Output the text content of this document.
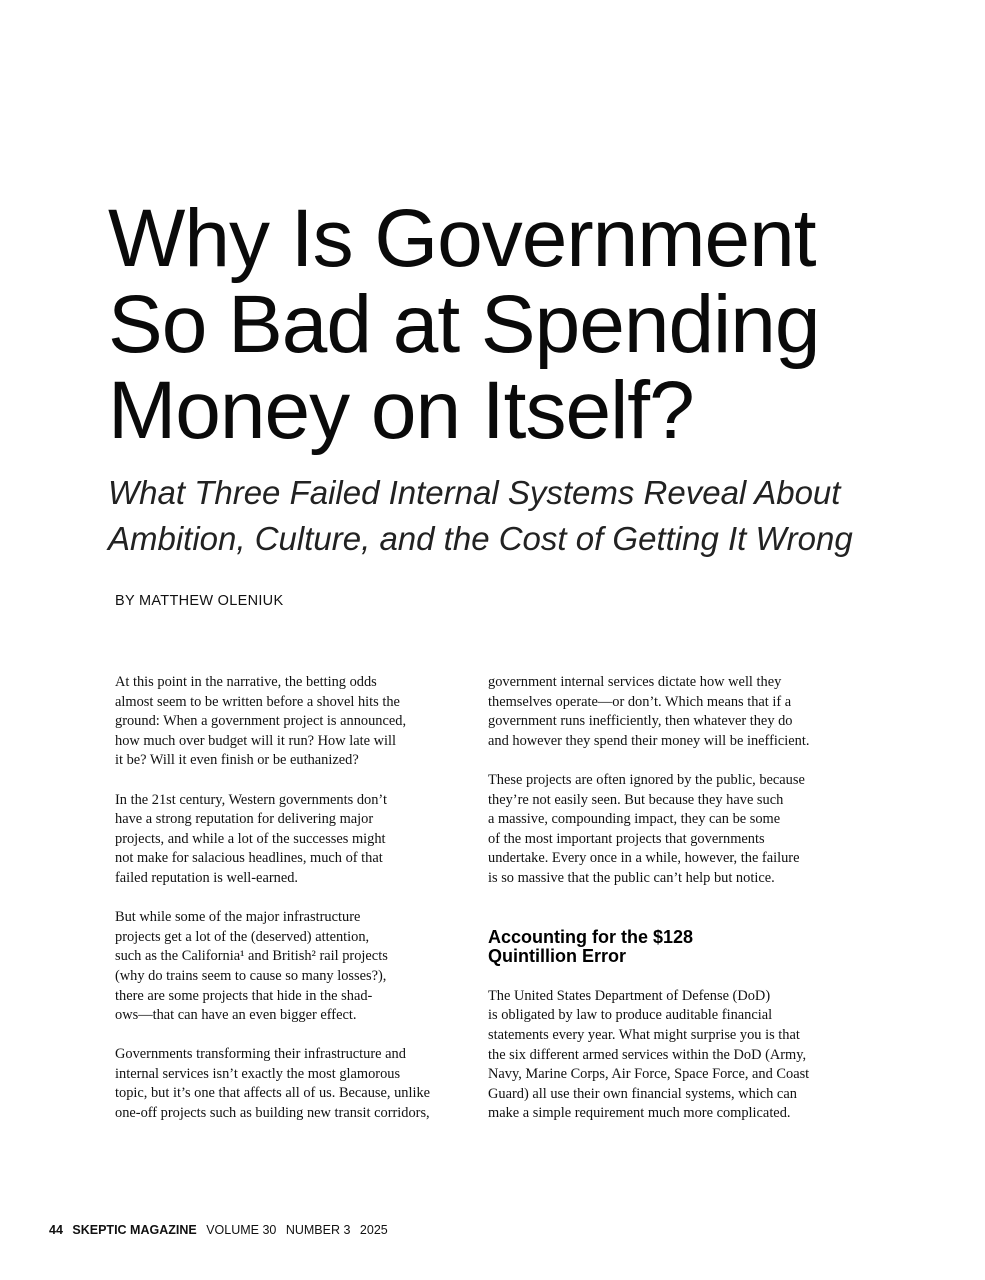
Why Is Government
So Bad at Spending
Money on Itself?
What Three Failed Internal Systems Reveal About
Ambition, Culture, and the Cost of Getting It Wrong
BY MATTHEW OLENIUK

At this point in the narrative, the betting odds
almost seem to be written before a shovel hits the
ground: When a government project is announced,
how much over budget will it run? How late will
it be? Will it even finish or be euthanized?

In the 21st century, Western governments don’t
have a strong reputation for delivering major
projects, and while a lot of the successes might
not make for salacious headlines, much of that
failed reputation is well-earned.

But while some of the major infrastructure
projects get a lot of the (deserved) attention,
such as the California¹ and British² rail projects
(why do trains seem to cause so many losses?),
there are some projects that hide in the shad-
ows—that can have an even bigger effect.

Governments transforming their infrastructure and
internal services isn’t exactly the most glamorous
topic, but it’s one that affects all of us. Because, unlike
one-off projects such as building new transit corridors,

government internal services dictate how well they
themselves operate—or don’t. Which means that if a
government runs inefficiently, then whatever they do
and however they spend their money will be inefficient.

These projects are often ignored by the public, because
they’re not easily seen. But because they have such
a massive, compounding impact, they can be some
of the most important projects that governments
undertake. Every once in a while, however, the failure
is so massive that the public can’t help but notice.

Accounting for the $128
Quintillion Error

The United States Department of Defense (DoD)
is obligated by law to produce auditable financial
statements every year. What might surprise you is that
the six different armed services within the DoD (Army,
Navy, Marine Corps, Air Force, Space Force, and Coast
Guard) all use their own financial systems, which can
make a simple requirement much more complicated.

44 SKEPTIC MAGAZINE VOLUME 30 NUMBER 3 2025
